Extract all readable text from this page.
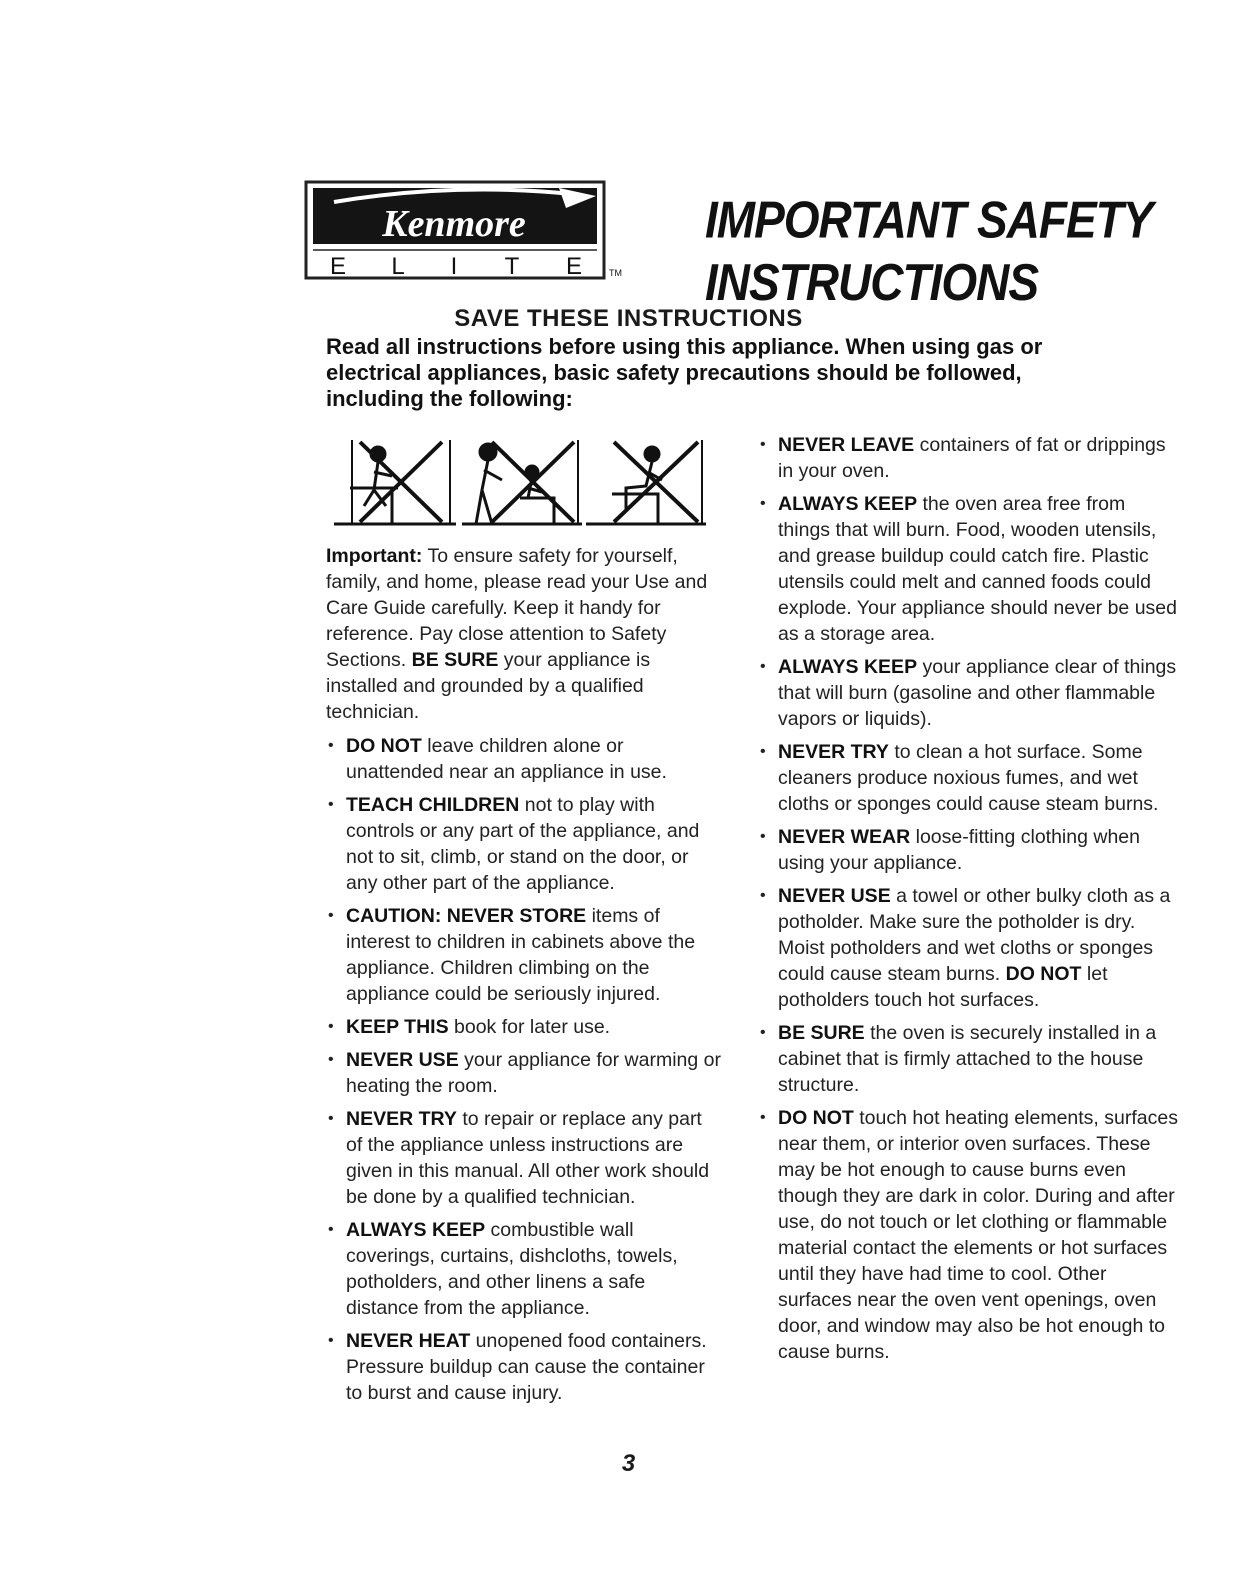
Kenmore
E L I T E	TM
IMPORTANT SAFETY
INSTRUCTIONS
SAVE THESE INSTRUCTIONS

Read all instructions before using this appliance. When using gas or electrical appliances, basic safety precautions should be followed, including the following:

Important: To ensure safety for yourself, family, and home, please read your Use and Care Guide carefully. Keep it handy for reference. Pay close attention to Safety Sections. BE SURE your appliance is installed and grounded by a qualified technician.

• DO NOT leave children alone or unattended near an appliance in use.
• TEACH CHILDREN not to play with controls or any part of the appliance, and not to sit, climb, or stand on the door, or any other part of the appliance.
• CAUTION: NEVER STORE items of interest to children in cabinets above the appliance. Children climbing on the appliance could be seriously injured.
• KEEP THIS book for later use.
• NEVER USE your appliance for warming or heating the room.
• NEVER TRY to repair or replace any part of the appliance unless instructions are given in this manual. All other work should be done by a qualified technician.
• ALWAYS KEEP combustible wall coverings, curtains, dishcloths, towels, potholders, and other linens a safe distance from the appliance.
• NEVER HEAT unopened food containers. Pressure buildup can cause the container to burst and cause injury.
• NEVER LEAVE containers of fat or drippings in your oven.
• ALWAYS KEEP the oven area free from things that will burn. Food, wooden utensils, and grease buildup could catch fire. Plastic utensils could melt and canned foods could explode. Your appliance should never be used as a storage area.
• ALWAYS KEEP your appliance clear of things that will burn (gasoline and other flammable vapors or liquids).
• NEVER TRY to clean a hot surface. Some cleaners produce noxious fumes, and wet cloths or sponges could cause steam burns.
• NEVER WEAR loose-fitting clothing when using your appliance.
• NEVER USE a towel or other bulky cloth as a potholder. Make sure the potholder is dry. Moist potholders and wet cloths or sponges could cause steam burns. DO NOT let potholders touch hot surfaces.
• BE SURE the oven is securely installed in a cabinet that is firmly attached to the house structure.
• DO NOT touch hot heating elements, surfaces near them, or interior oven surfaces. These may be hot enough to cause burns even though they are dark in color. During and after use, do not touch or let clothing or flammable material contact the elements or hot surfaces until they have had time to cool. Other surfaces near the oven vent openings, oven door, and window may also be hot enough to cause burns.
3
